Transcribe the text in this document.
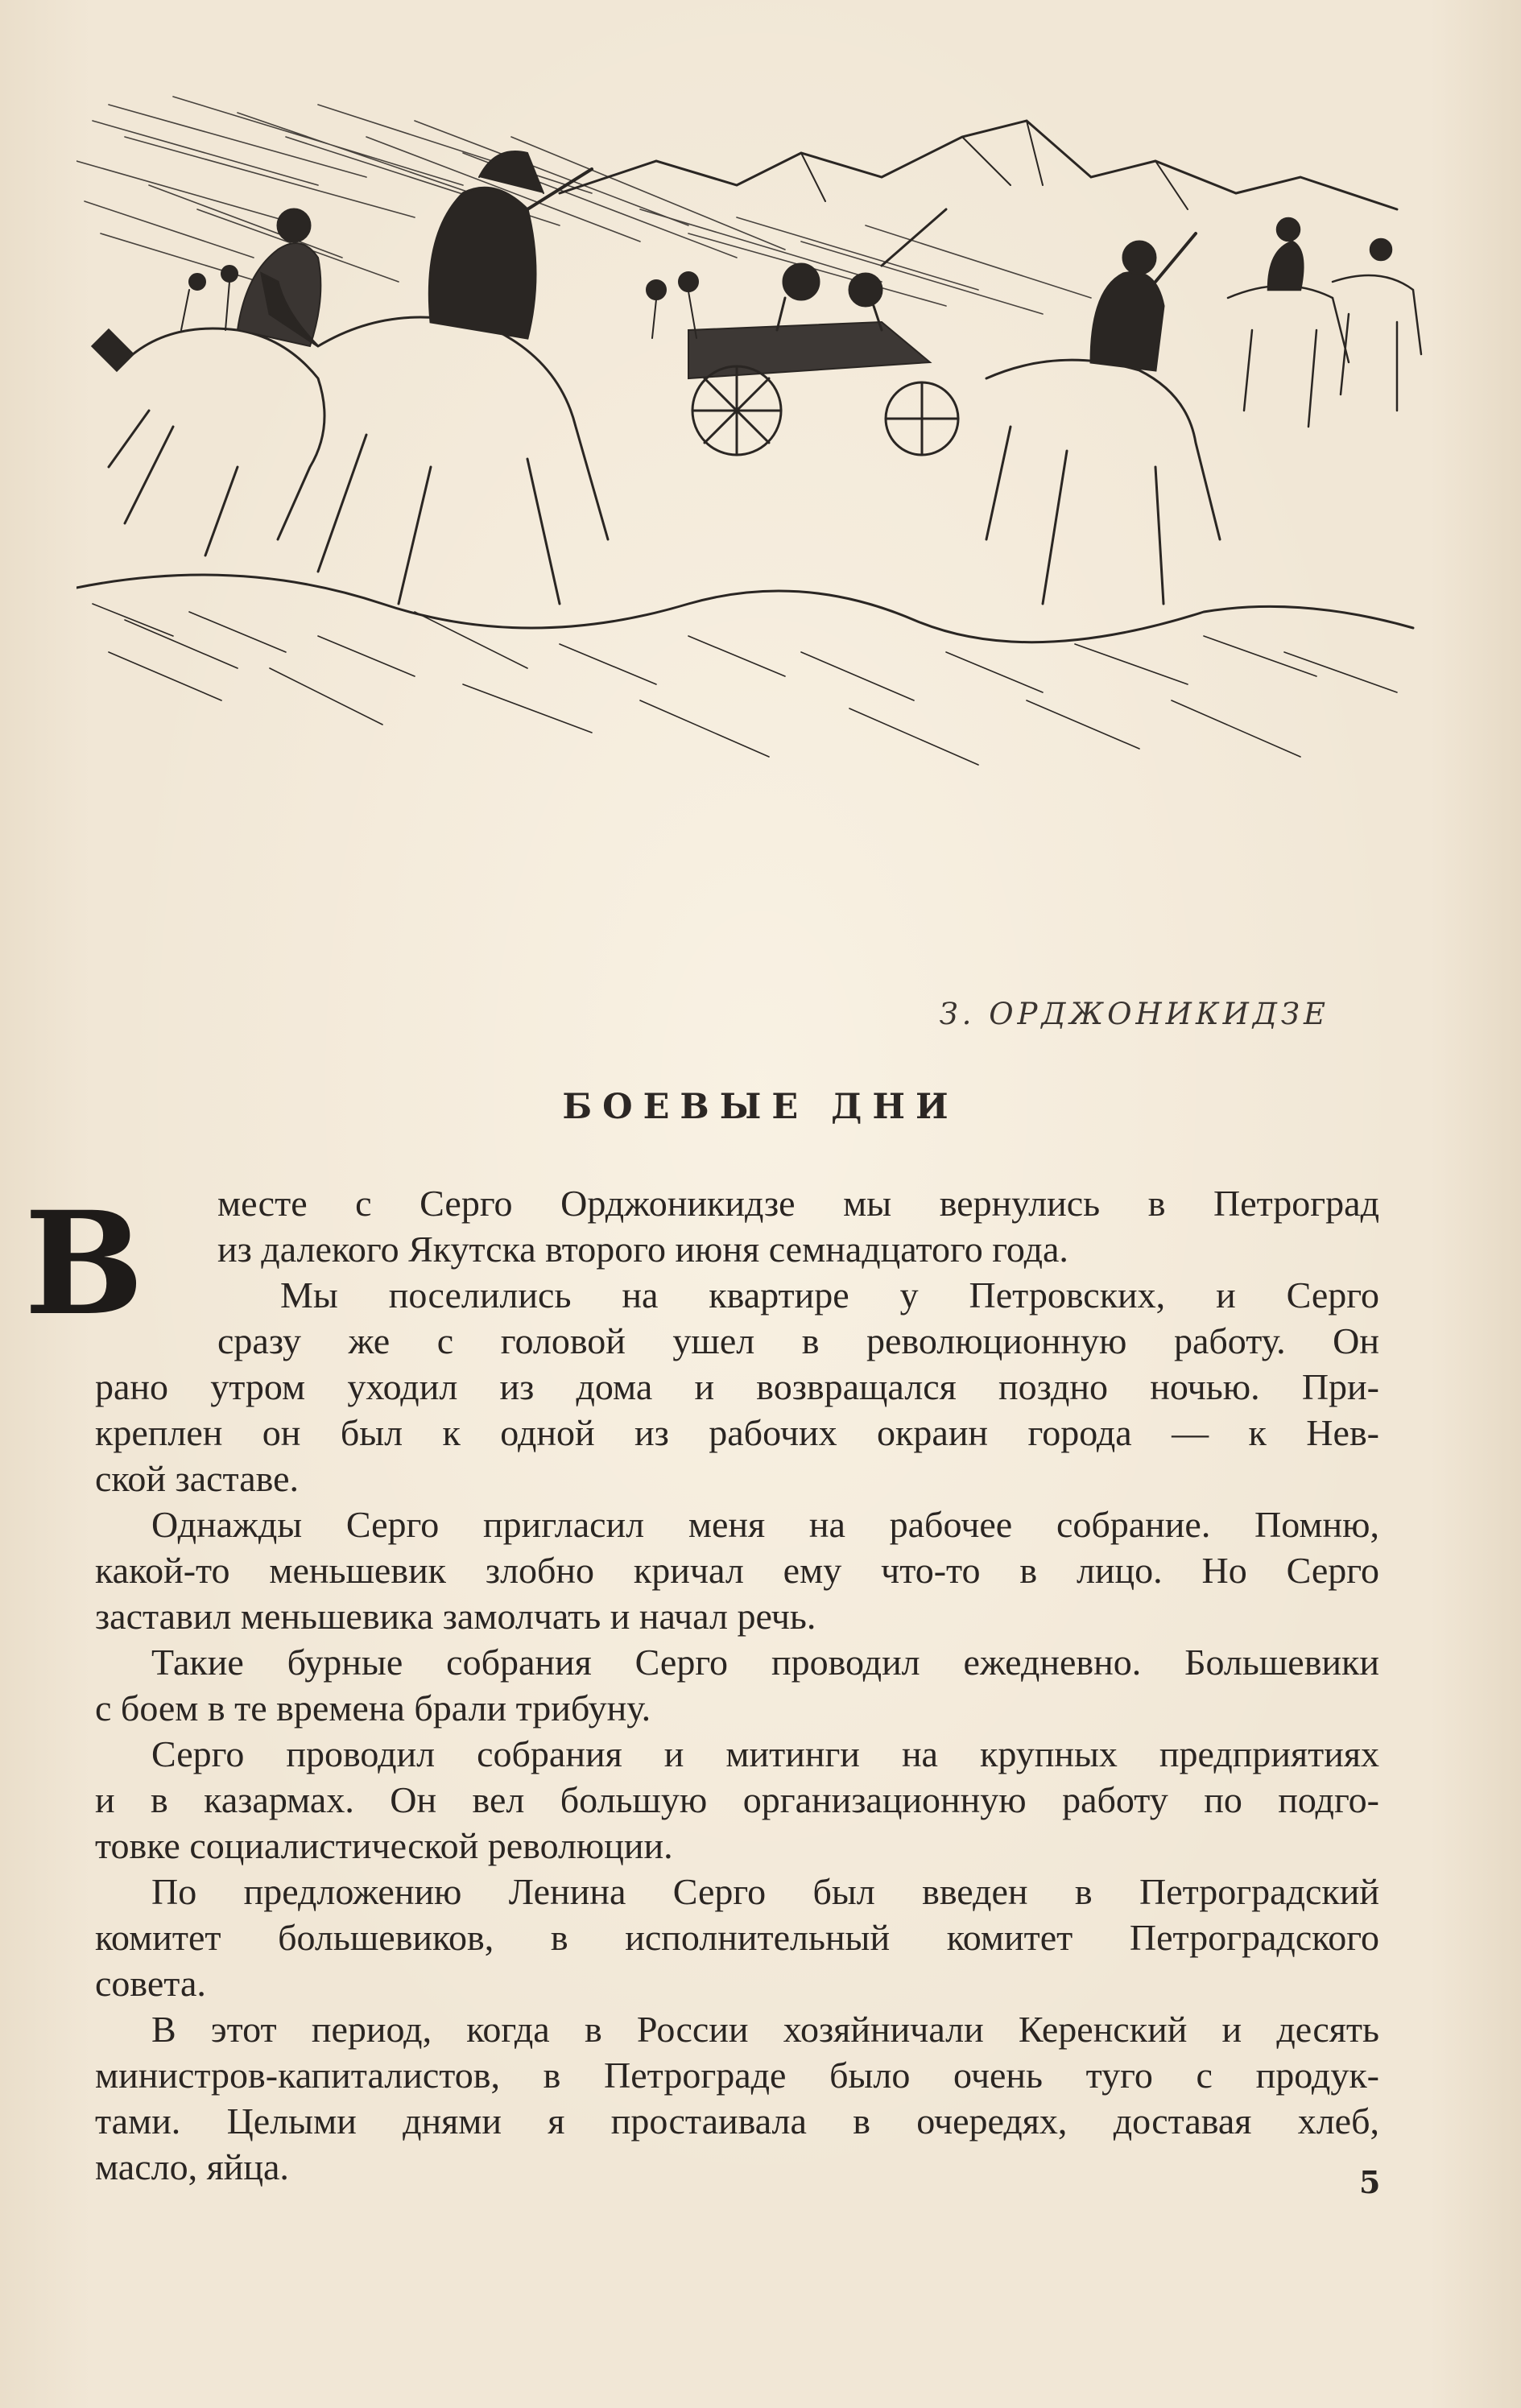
З. ОРДЖОНИКИДЗЕ
БОЕВЫЕ ДНИ
В	месте с Серго Орджоникидзе мы вернулись в Петроград
из далекого Якутска второго июня семнадцатого года.
Мы поселились на квартире у Петровских, и Серго
сразу же с головой ушел в революционную работу. Он
рано утром уходил из дома и возвращался поздно ночью. При-
креплен он был к одной из рабочих окраин города — к Нев-
ской заставе.
Однажды Серго пригласил меня на рабочее собрание. Помню,
какой-то меньшевик злобно кричал ему что-то в лицо. Но Серго
заставил меньшевика замолчать и начал речь.
Такие бурные собрания Серго проводил ежедневно. Большевики
с боем в те времена брали трибуну.
Серго проводил собрания и митинги на крупных предприятиях
и в казармах. Он вел большую организационную работу по подго-
товке социалистической революции.
По предложению Ленина Серго был введен в Петроградский
комитет большевиков, в исполнительный комитет Петроградского
совета.
В этот период, когда в России хозяйничали Керенский и десять
министров-капиталистов, в Петрограде было очень туго с продук-
тами. Целыми днями я простаивала в очередях, доставая хлеб,
масло, яйца.	5
